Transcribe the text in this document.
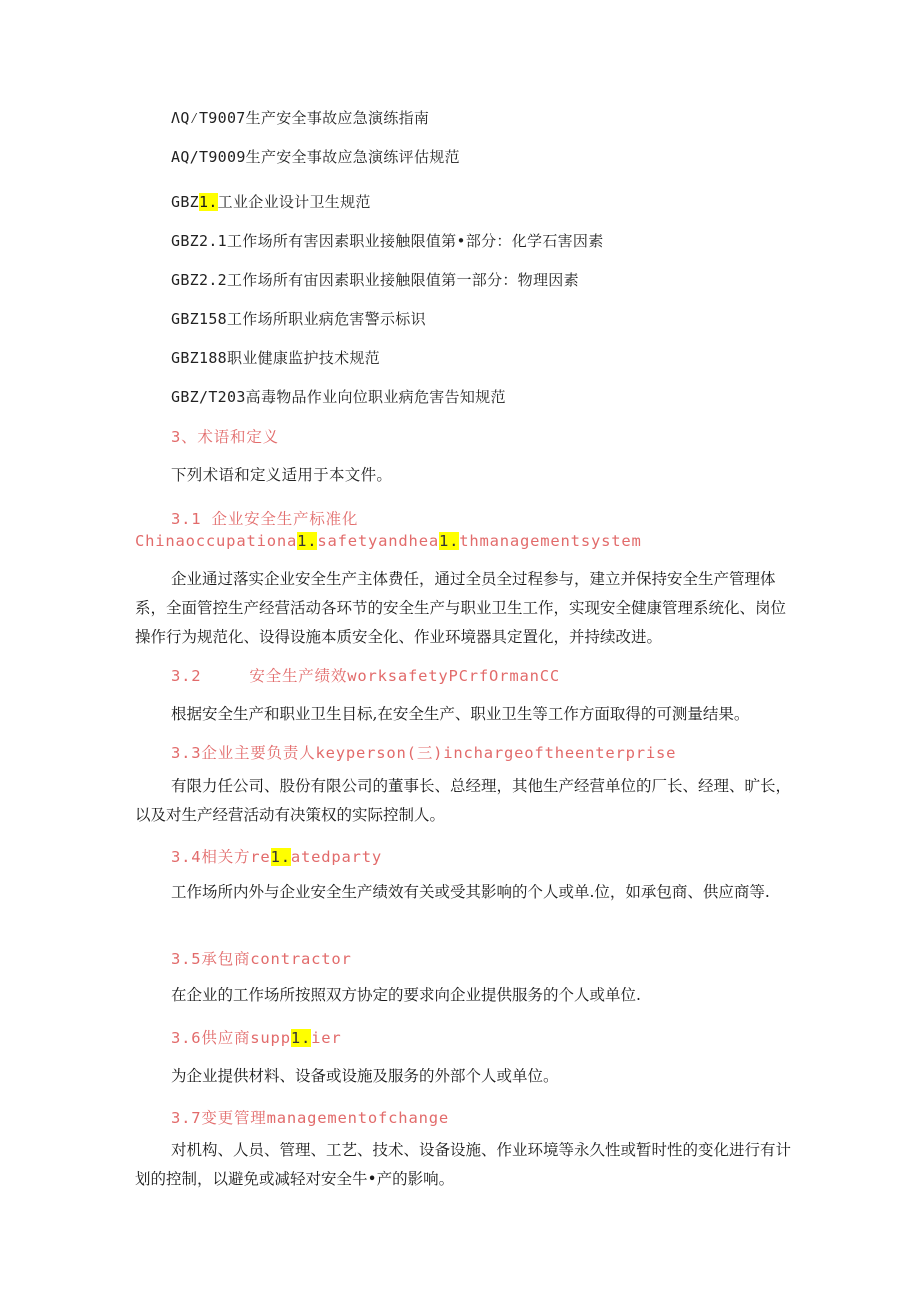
ΛQ⁄T9007生产安全事故应急演练指南
AQ/T9009生产安全事故应急演练评估规范
GBZ1.工业企业设计卫生规范
GBZ2.1工作场所有害因素职业接触限值第•部分：化学石害因素
GBZ2.2工作场所有宙因素职业接触限值第一部分：物理因素
GBZ158工作场所职业病危害警示标识
GBZ188职业健康监护技术规范
GBZ/T203高毒物品作业向位职业病危害告知规范
3、术语和定义
下列术语和定义适用于本文件。
3.1 企业安全生产标准化
Chinaoccupationa1.safetyandhea1.thmanagementsystem

企业通过落实企业安全生产主体费任，通过全员全过程参与，建立并保持安全生产管理体系，全面管控生产经营活动各环节的安全生产与职业卫生工作，实现安全健康管理系统化、岗位操作行为规范化、设得设施本质安全化、作业环境器具定置化，并持续改进。

3.2	安全生产绩效worksafetyPCrfOrmanCC

根据安全生产和职业卫生目标,在安全生产、职业卫生等工作方面取得的可测量结果。

3.3企业主要负责人keyperson(三)inchargeoftheenterprise

有限力任公司、股份有限公司的董事长、总经理，其他生产经营单位的厂长、经理、旷长，以及对生产经营活动有决策权的实际控制人。

3.4相关方re1.atedparty

工作场所内外与企业安全生产绩效有关或受其影响的个人或单.位，如承包商、供应商等.

3.5承包商contractor

在企业的工作场所按照双方协定的要求向企业提供服务的个人或单位.

3.6供应商supp1.ier

为企业提供材料、设备或设施及服务的外部个人或单位。

3.7变更管理managementofchange

对机构、人员、管理、工艺、技术、设备设施、作业环境等永久性或暂时性的变化进行有计划的控制，以避免或减轻对安全牛•产的影响。
